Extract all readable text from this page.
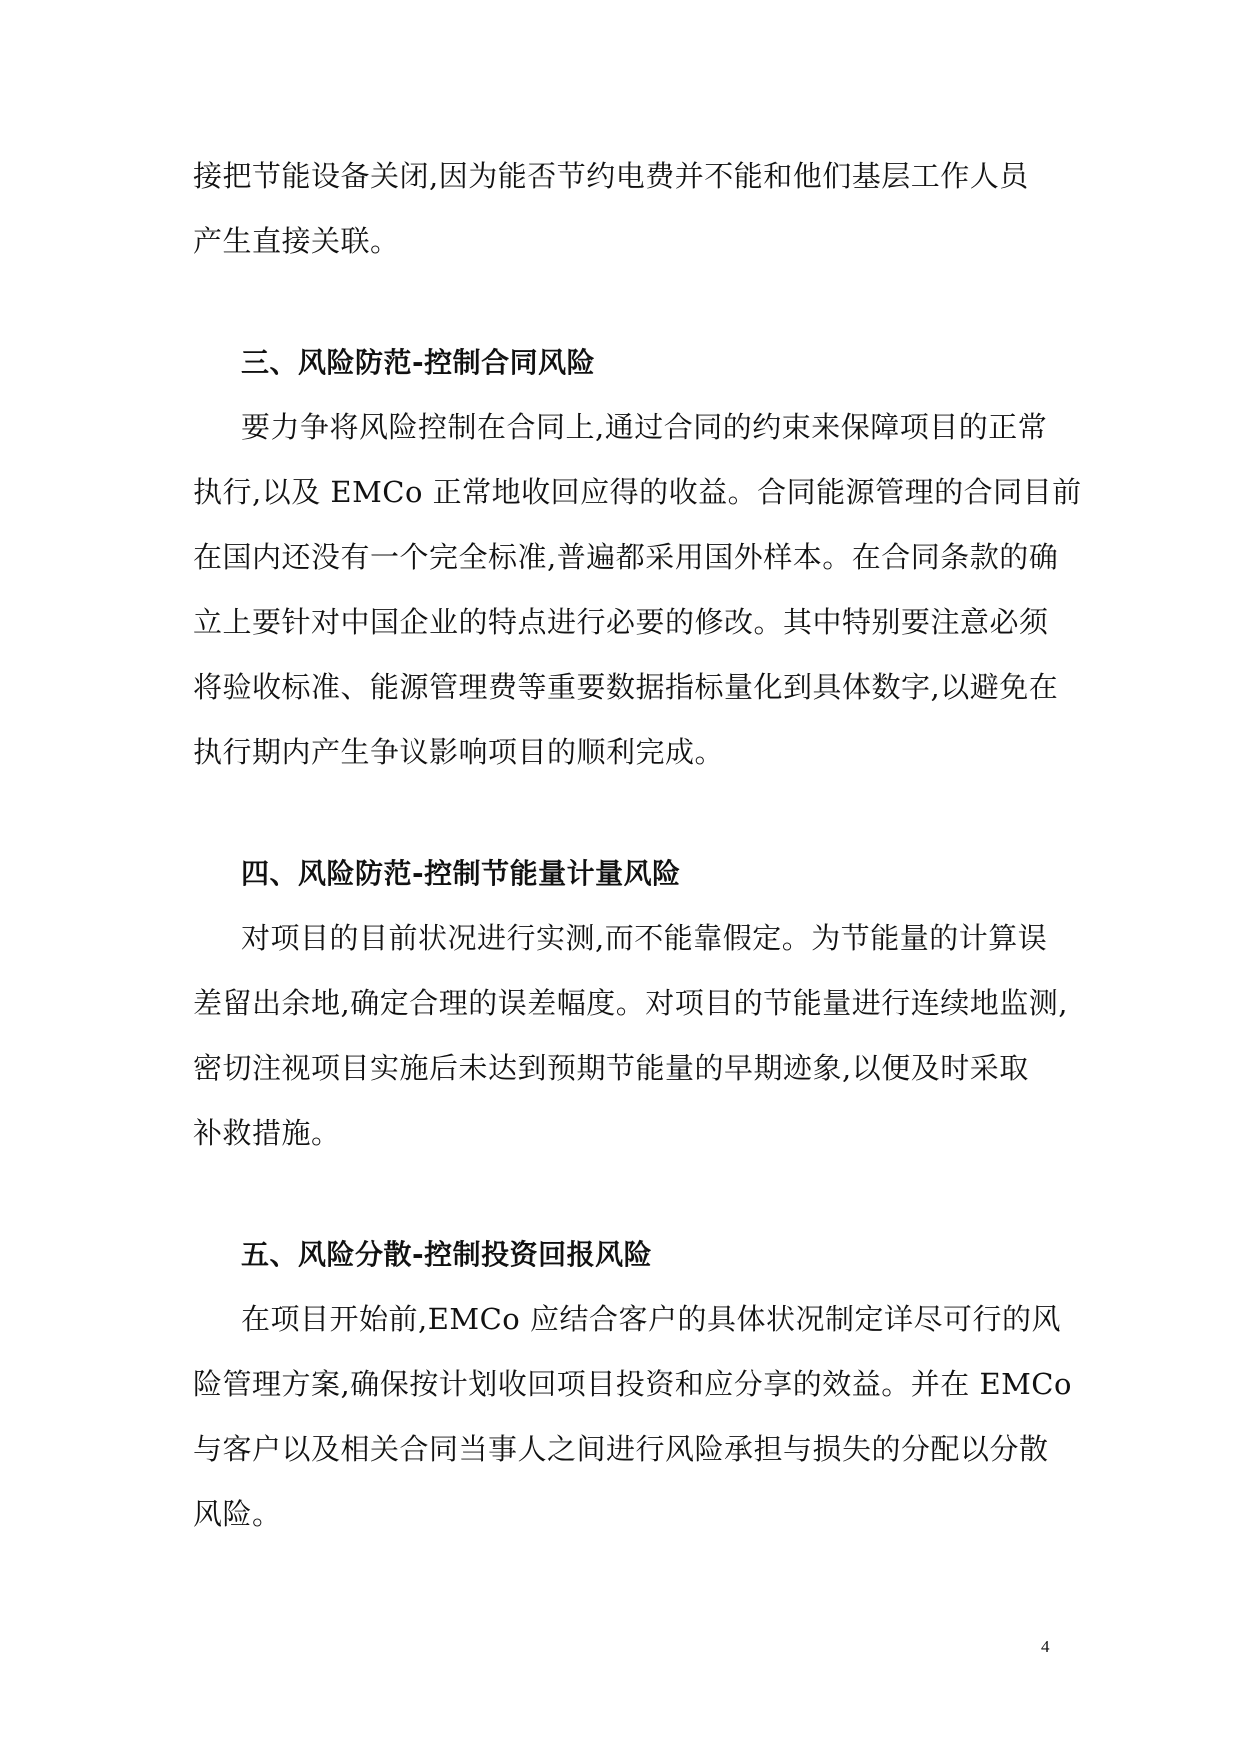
接把节能设备关闭,因为能否节约电费并不能和他们基层工作人员
产生直接关联。
三、风险防范-控制合同风险
要力争将风险控制在合同上,通过合同的约束来保障项目的正常
执行,以及 EMCo 正常地收回应得的收益。合同能源管理的合同目前
在国内还没有一个完全标准,普遍都采用国外样本。在合同条款的确
立上要针对中国企业的特点进行必要的修改。其中特别要注意必须
将验收标准、能源管理费等重要数据指标量化到具体数字,以避免在
执行期内产生争议影响项目的顺利完成。
四、风险防范-控制节能量计量风险
对项目的目前状况进行实测,而不能靠假定。为节能量的计算误
差留出余地,确定合理的误差幅度。对项目的节能量进行连续地监测,
密切注视项目实施后未达到预期节能量的早期迹象,以便及时采取
补救措施。
五、风险分散-控制投资回报风险
在项目开始前,EMCo 应结合客户的具体状况制定详尽可行的风
险管理方案,确保按计划收回项目投资和应分享的效益。并在 EMCo
与客户以及相关合同当事人之间进行风险承担与损失的分配以分散
风险。
4
